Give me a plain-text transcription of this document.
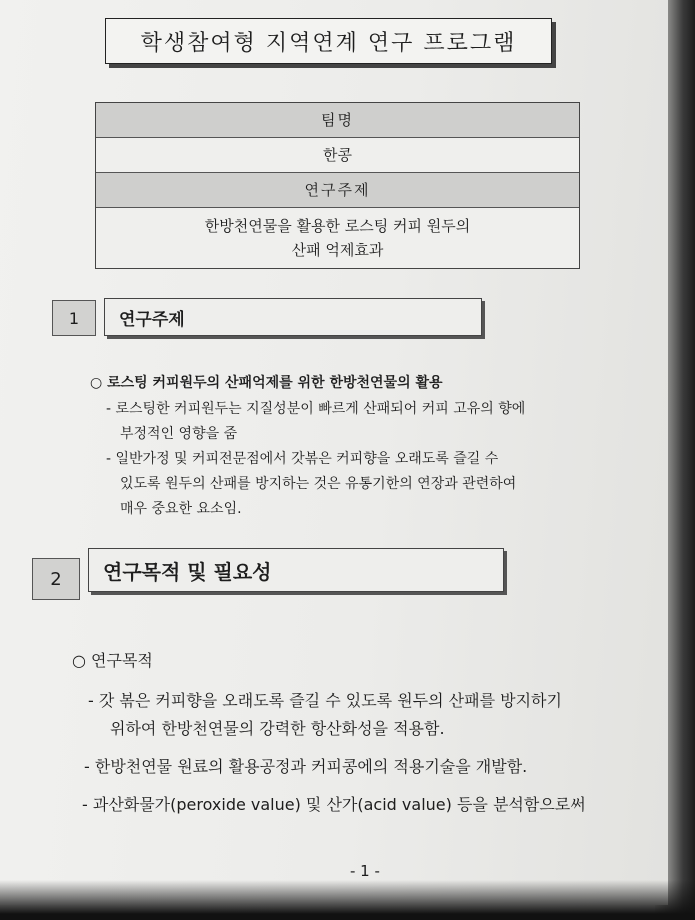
학생참여형 지역연계 연구 프로그램
팀명
한콩
연구주제
한방천연물을 활용한 로스팅 커피 원두의
산패 억제효과
1	연구주제
○ 로스팅 커피원두의 산패억제를 위한 한방천연물의 활용
- 로스팅한 커피원두는 지질성분이 빠르게 산패되어 커피 고유의 향에
부정적인 영향을 줌
- 일반가정 및 커피전문점에서 갓볶은 커피향을 오래도록 즐길 수
있도록 원두의 산패를 방지하는 것은 유통기한의 연장과 관련하여
매우 중요한 요소임.
2	연구목적 및 필요성
○ 연구목적
- 갓 볶은 커피향을 오래도록 즐길 수 있도록 원두의 산패를 방지하기
위하여 한방천연물의 강력한 항산화성을 적용함.
- 한방천연물 원료의 활용공정과 커피콩에의 적용기술을 개발함.
- 과산화물가(peroxide value) 및 산가(acid value) 등을 분석함으로써
- 1 -
